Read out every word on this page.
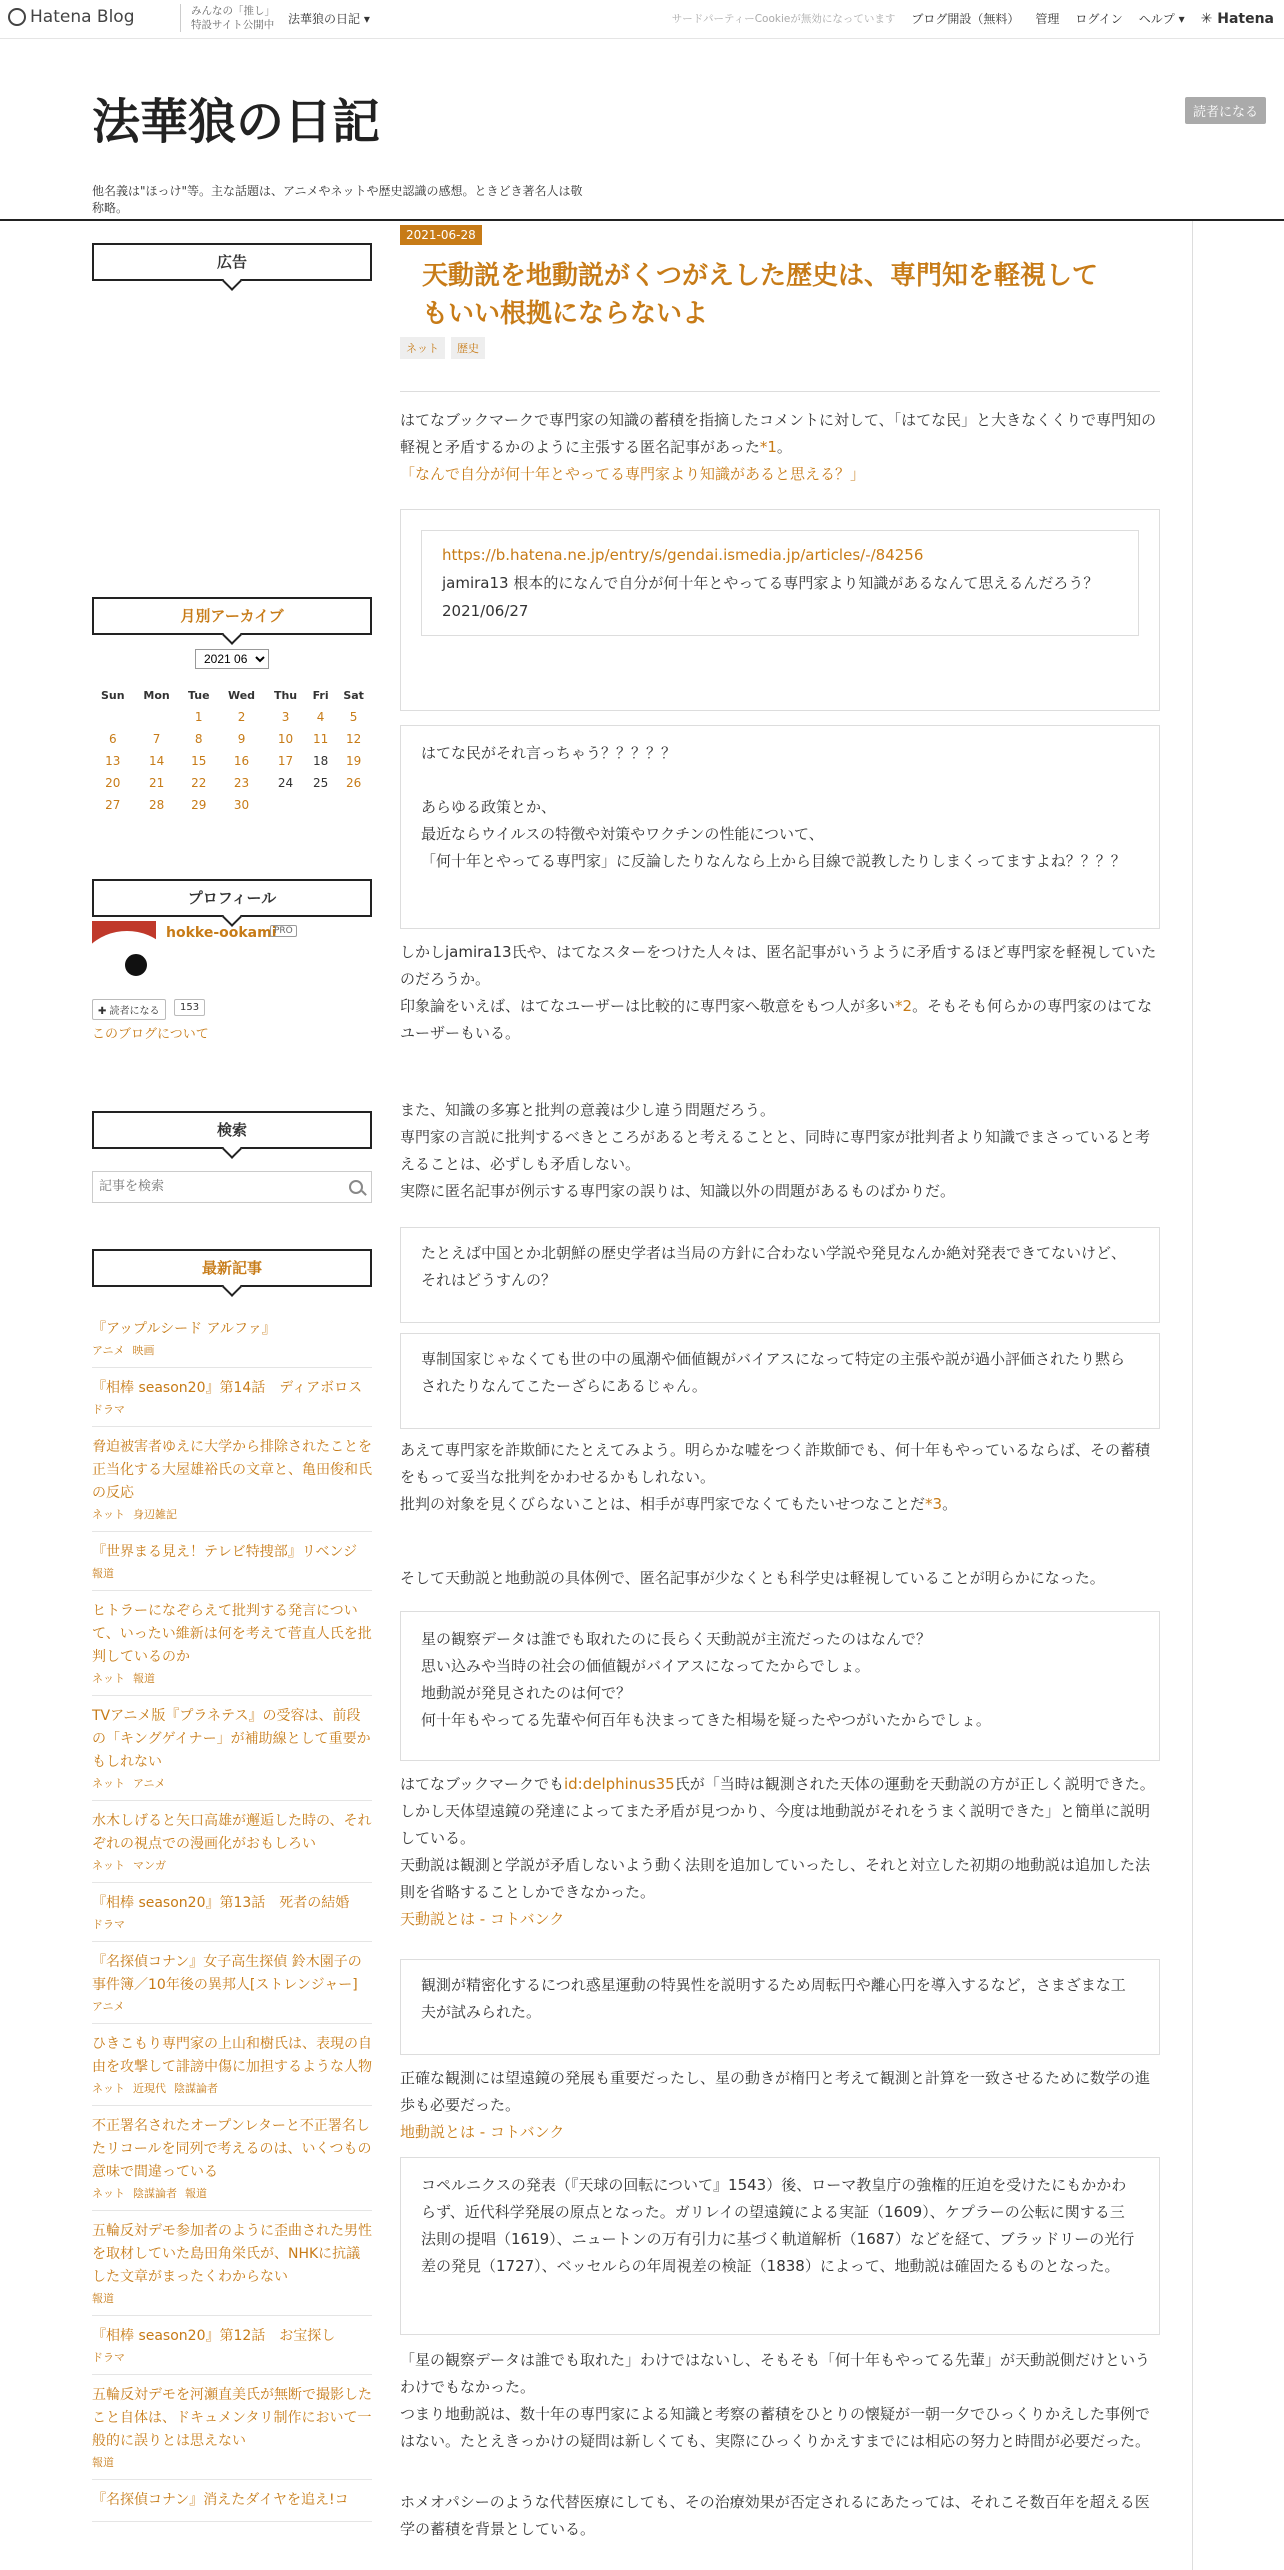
Hatena Blog	みんなの「推し」
特設サイト公開中 法華狼の日記 ▾	サードパーティーCookieが無効になっています ブログ開設（無料） 管理 ログイン ヘルプ ▾ ✳ Hatena
法華狼の日記
他名義は"ほっけ"等。主な話題は、アニメやネットや歴史認識の感想。ときどき著名人は敬称略。
読者になる
広告
月別アーカイブ
2021 06
Sun	Mon	Tue	Wed	Thu	Fri	Sat
		1	2	3	4	5
6	7	8	9	10	11	12
13	14	15	16	17	18	19
20	21	22	23	24	25	26
27	28	29	30			
プロフィール
hokke-ookami
PRO
✚ 読者になる	153
このブログについて
検索
記事を検索
最新記事
『アップルシード アルファ』
アニメ 映画
『相棒 season20』第14話　ディアボロス
ドラマ
脅迫被害者ゆえに大学から排除されたことを正当化する大屋雄裕氏の文章と、亀田俊和氏の反応
ネット 身辺雑記
『世界まる見え！テレビ特捜部』リベンジ
報道
ヒトラーになぞらえて批判する発言について、いったい維新は何を考えて菅直人氏を批判しているのか
ネット 報道
TVアニメ版『プラネテス』の受容は、前段の「キングゲイナー」が補助線として重要かもしれない
ネット アニメ
水木しげると矢口高雄が邂逅した時の、それぞれの視点での漫画化がおもしろい
ネット マンガ
『相棒 season20』第13話　死者の結婚
ドラマ
『名探偵コナン』女子高生探偵 鈴木園子の事件簿／10年後の異邦人[ストレンジャー]
アニメ
ひきこもり専門家の上山和樹氏は、表現の自由を攻撃して誹謗中傷に加担するような人物
ネット 近現代 陰謀論者
不正署名されたオープンレターと不正署名したリコールを同列で考えるのは、いくつもの意味で間違っている
ネット 陰謀論者 報道
五輪反対デモ参加者のように歪曲された男性を取材していた島田角栄氏が、NHKに抗議した文章がまったくわからない
報道
『相棒 season20』第12話　お宝探し
ドラマ
五輪反対デモを河瀬直美氏が無断で撮影したこと自体は、ドキュメンタリ制作において一般的に誤りとは思えない
報道
『名探偵コナン』消えたダイヤを追え!コ
2021-06-28
天動説を地動説がくつがえした歴史は、専門知を軽視してもいい根拠にならないよ
ネット	歴史
はてなブックマークで専門家の知識の蓄積を指摘したコメントに対して、「はてな民」と大きなくくりで専門知の軽視と矛盾するかのように主張する匿名記事があった*1。
「なんで自分が何十年とやってる専門家より知識があると思える？」
https://b.hatena.ne.jp/entry/s/gendai.ismedia.jp/articles/-/84256
jamira13 根本的になんで自分が何十年とやってる専門家より知識があるなんて思えるんだろう？
2021/06/27
はてな民がそれ言っちゃう？？？？？
あらゆる政策とか、
最近ならウイルスの特徴や対策やワクチンの性能について、
「何十年とやってる専門家」に反論したりなんなら上から目線で説教したりしまくってますよね？？？？
しかしjamira13氏や、はてなスターをつけた人々は、匿名記事がいうように矛盾するほど専門家を軽視していたのだろうか。
印象論をいえば、はてなユーザーは比較的に専門家へ敬意をもつ人が多い*2。そもそも何らかの専門家のはてなユーザーもいる。
また、知識の多寡と批判の意義は少し違う問題だろう。
専門家の言説に批判するべきところがあると考えることと、同時に専門家が批判者より知識でまさっていると考えることは、必ずしも矛盾しない。
実際に匿名記事が例示する専門家の誤りは、知識以外の問題があるものばかりだ。
たとえば中国とか北朝鮮の歴史学者は当局の方針に合わない学説や発見なんか絶対発表できてないけど、それはどうすんの？
専制国家じゃなくても世の中の風潮や価値観がバイアスになって特定の主張や説が過小評価されたり黙らされたりなんてこたーざらにあるじゃん。
あえて専門家を詐欺師にたとえてみよう。明らかな嘘をつく詐欺師でも、何十年もやっているならば、その蓄積をもって妥当な批判をかわせるかもしれない。
批判の対象を見くびらないことは、相手が専門家でなくてもたいせつなことだ*3。
そして天動説と地動説の具体例で、匿名記事が少なくとも科学史は軽視していることが明らかになった。
星の観察データは誰でも取れたのに長らく天動説が主流だったのはなんで？
思い込みや当時の社会の価値観がバイアスになってたからでしょ。
地動説が発見されたのは何で？
何十年もやってる先輩や何百年も決まってきた相場を疑ったやつがいたからでしょ。
はてなブックマークでもid:delphinus35氏が「当時は観測された天体の運動を天動説の方が正しく説明できた。しかし天体望遠鏡の発達によってまた矛盾が見つかり、今度は地動説がそれをうまく説明できた」と簡単に説明している。
天動説は観測と学説が矛盾しないよう動く法則を追加していったし、それと対立した初期の地動説は追加した法則を省略することしかできなかった。
天動説とは - コトバンク
観測が精密化するにつれ惑星運動の特異性を説明するため周転円や離心円を導入するなど，さまざまな工夫が試みられた。
正確な観測には望遠鏡の発展も重要だったし、星の動きが楕円と考えて観測と計算を一致させるために数学の進歩も必要だった。
地動説とは - コトバンク
コペルニクスの発表（『天球の回転について』1543）後、ローマ教皇庁の強権的圧迫を受けたにもかかわらず、近代科学発展の原点となった。ガリレイの望遠鏡による実証（1609）、ケプラーの公転に関する三法則の提唱（1619）、ニュートンの万有引力に基づく軌道解析（1687）などを経て、ブラッドリーの光行差の発見（1727）、ベッセルらの年周視差の検証（1838）によって、地動説は確固たるものとなった。
「星の観察データは誰でも取れた」わけではないし、そもそも「何十年もやってる先輩」が天動説側だけというわけでもなかった。
つまり地動説は、数十年の専門家による知識と考察の蓄積をひとりの懐疑が一朝一夕でひっくりかえした事例ではない。たとえきっかけの疑問は新しくても、実際にひっくりかえすまでには相応の努力と時間が必要だった。
ホメオパシーのような代替医療にしても、その治療効果が否定されるにあたっては、それこそ数百年を超える医学の蓄積を背景としている。
